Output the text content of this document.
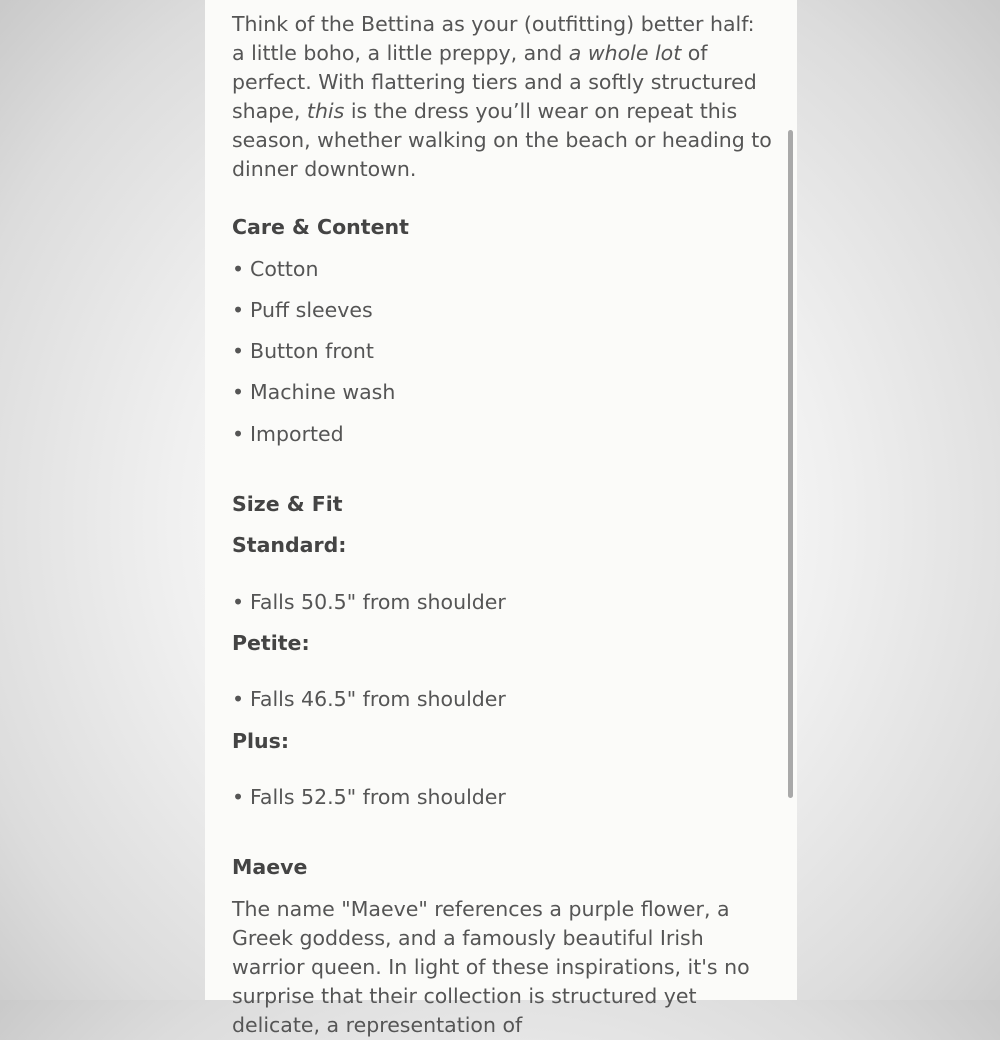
Think of the Bettina as your (outfitting) better half: a little boho, a little preppy, and a whole lot of perfect. With flattering tiers and a softly structured shape, this is the dress you’ll wear on repeat this season, whether walking on the beach or heading to dinner downtown.

Care & Content

• Cotton

• Puff sleeves

• Button front

• Machine wash

• Imported

Size & Fit
Standard:

• Falls 50.5" from shoulder

Petite:

• Falls 46.5" from shoulder

Plus:

• Falls 52.5" from shoulder

Maeve

The name "Maeve" references a purple flower, a Greek goddess, and a famously beautiful Irish warrior queen. In light of these inspirations, it's no surprise that their collection is structured yet delicate, a representation of
